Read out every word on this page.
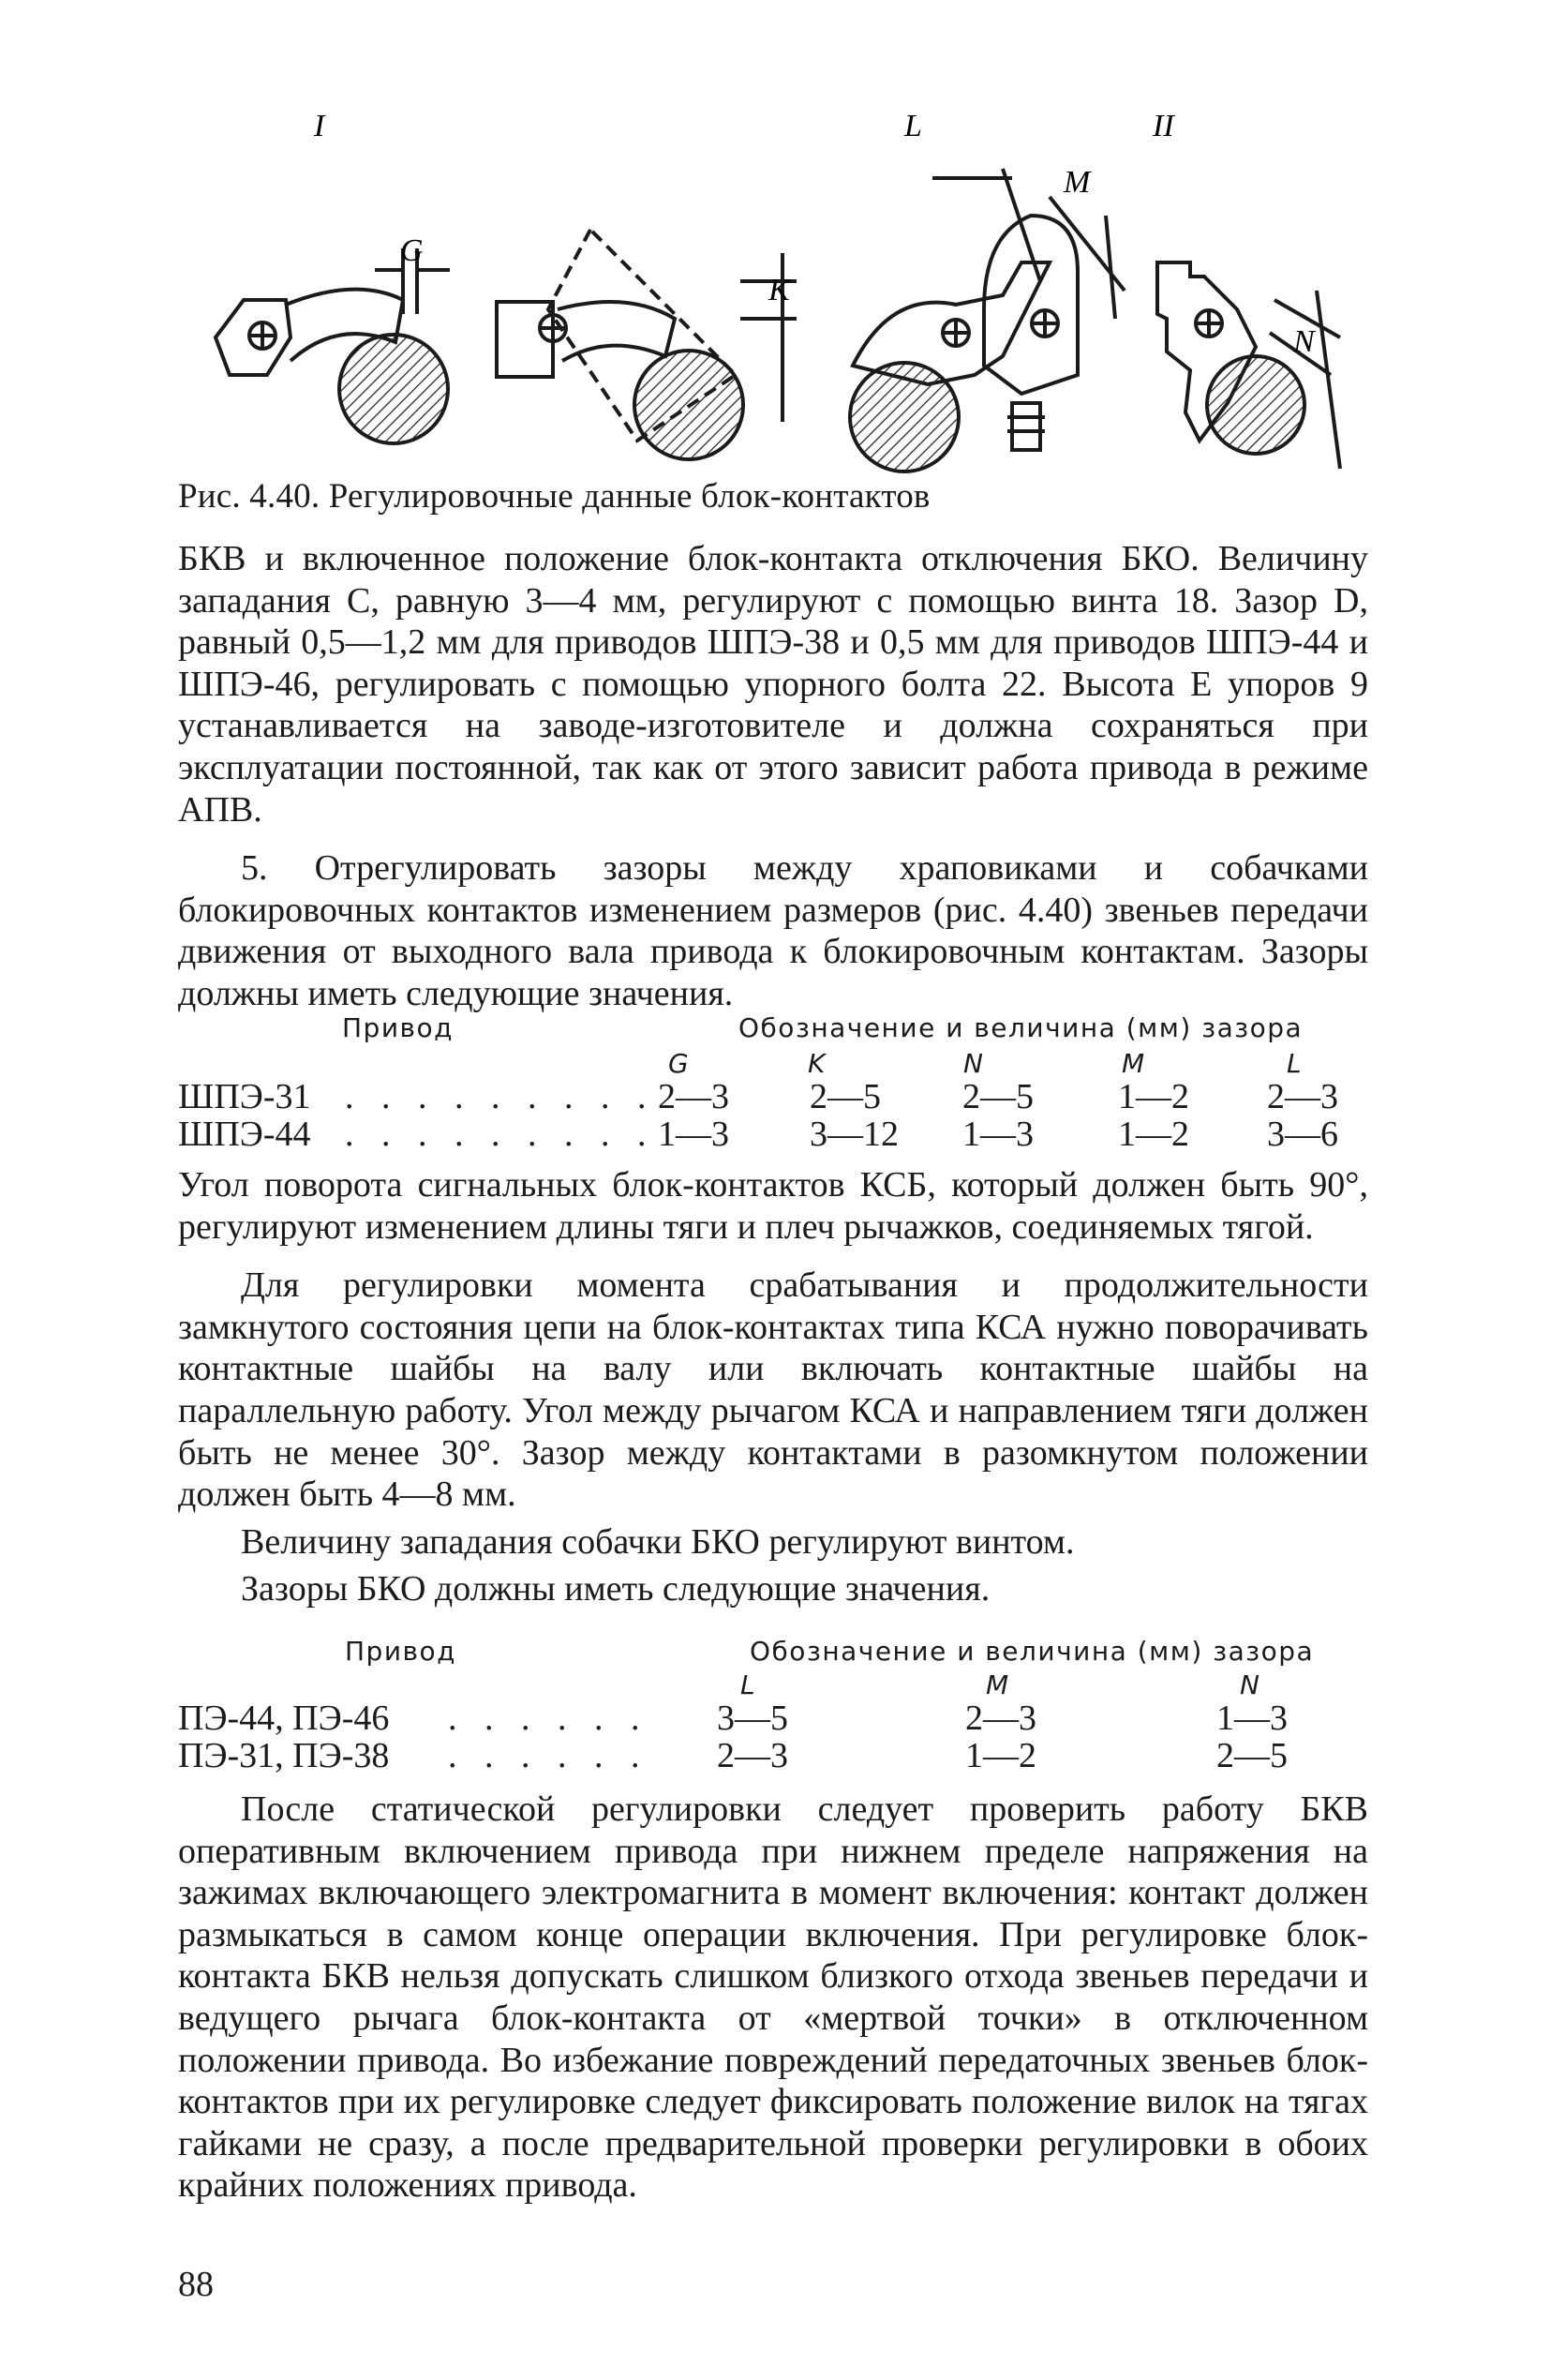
I
G
K
L
M
II
N
Рис. 4.40. Регулировочные данные блок-контактов

БКВ и включенное положение блок-контакта отключения БКО. Величину западания C, равную 3—4 мм, регулируют с помощью винта 18. Зазор D, равный 0,5—1,2 мм для приводов ШПЭ-38 и 0,5 мм для приводов ШПЭ-44 и ШПЭ-46, регулировать с помощью упорного болта 22. Высота E упоров 9 устанавливается на заводе-изготовителе и должна сохраняться при эксплуатации постоянной, так как от этого зависит работа привода в режиме АПВ.

5. Отрегулировать зазоры между храповиками и собачками блокировочных контактов изменением размеров (рис. 4.40) звеньев передачи движения от выходного вала привода к блокировочным контактам. Зазоры должны иметь следующие значения.

Привод	Обозначение и величина (мм) зазора
G	K	N	M	L
ШПЭ-31 . . . . . . . . . 2—3 2—5 2—5 1—2 2—3
ШПЭ-44 . . . . . . . . . 1—3 3—12 1—3 1—2 3—6

Угол поворота сигнальных блок-контактов КСБ, который должен быть 90°, регулируют изменением длины тяги и плеч рычажков, соединяемых тягой.

Для регулировки момента срабатывания и продолжительности замкнутого состояния цепи на блок-контактах типа КСА нужно поворачивать контактные шайбы на валу или включать контактные шайбы на параллельную работу. Угол между рычагом КСА и направлением тяги должен быть не менее 30°. Зазор между контактами в разомкнутом положении должен быть 4—8 мм.

Величину западания собачки БКО регулируют винтом.

Зазоры БКО должны иметь следующие значения.

Привод	Обозначение и величина (мм) зазора
L	M	N
ПЭ-44, ПЭ-46 . . . . . . 3—5	2—3	1—3
ПЭ-31, ПЭ-38 . . . . . . 2—3	1—2	2—5

После статической регулировки следует проверить работу БКВ оперативным включением привода при нижнем пределе напряжения на зажимах включающего электромагнита в момент включения: контакт должен размыкаться в самом конце операции включения. При регулировке блок-контакта БКВ нельзя допускать слишком близкого отхода звеньев передачи и ведущего рычага блок-контакта от «мертвой точки» в отключенном положении привода. Во избежание повреждений передаточных звеньев блок-контактов при их регулировке следует фиксировать положение вилок на тягах гайками не сразу, а после предварительной проверки регулировки в обоих крайних положениях привода.

88
